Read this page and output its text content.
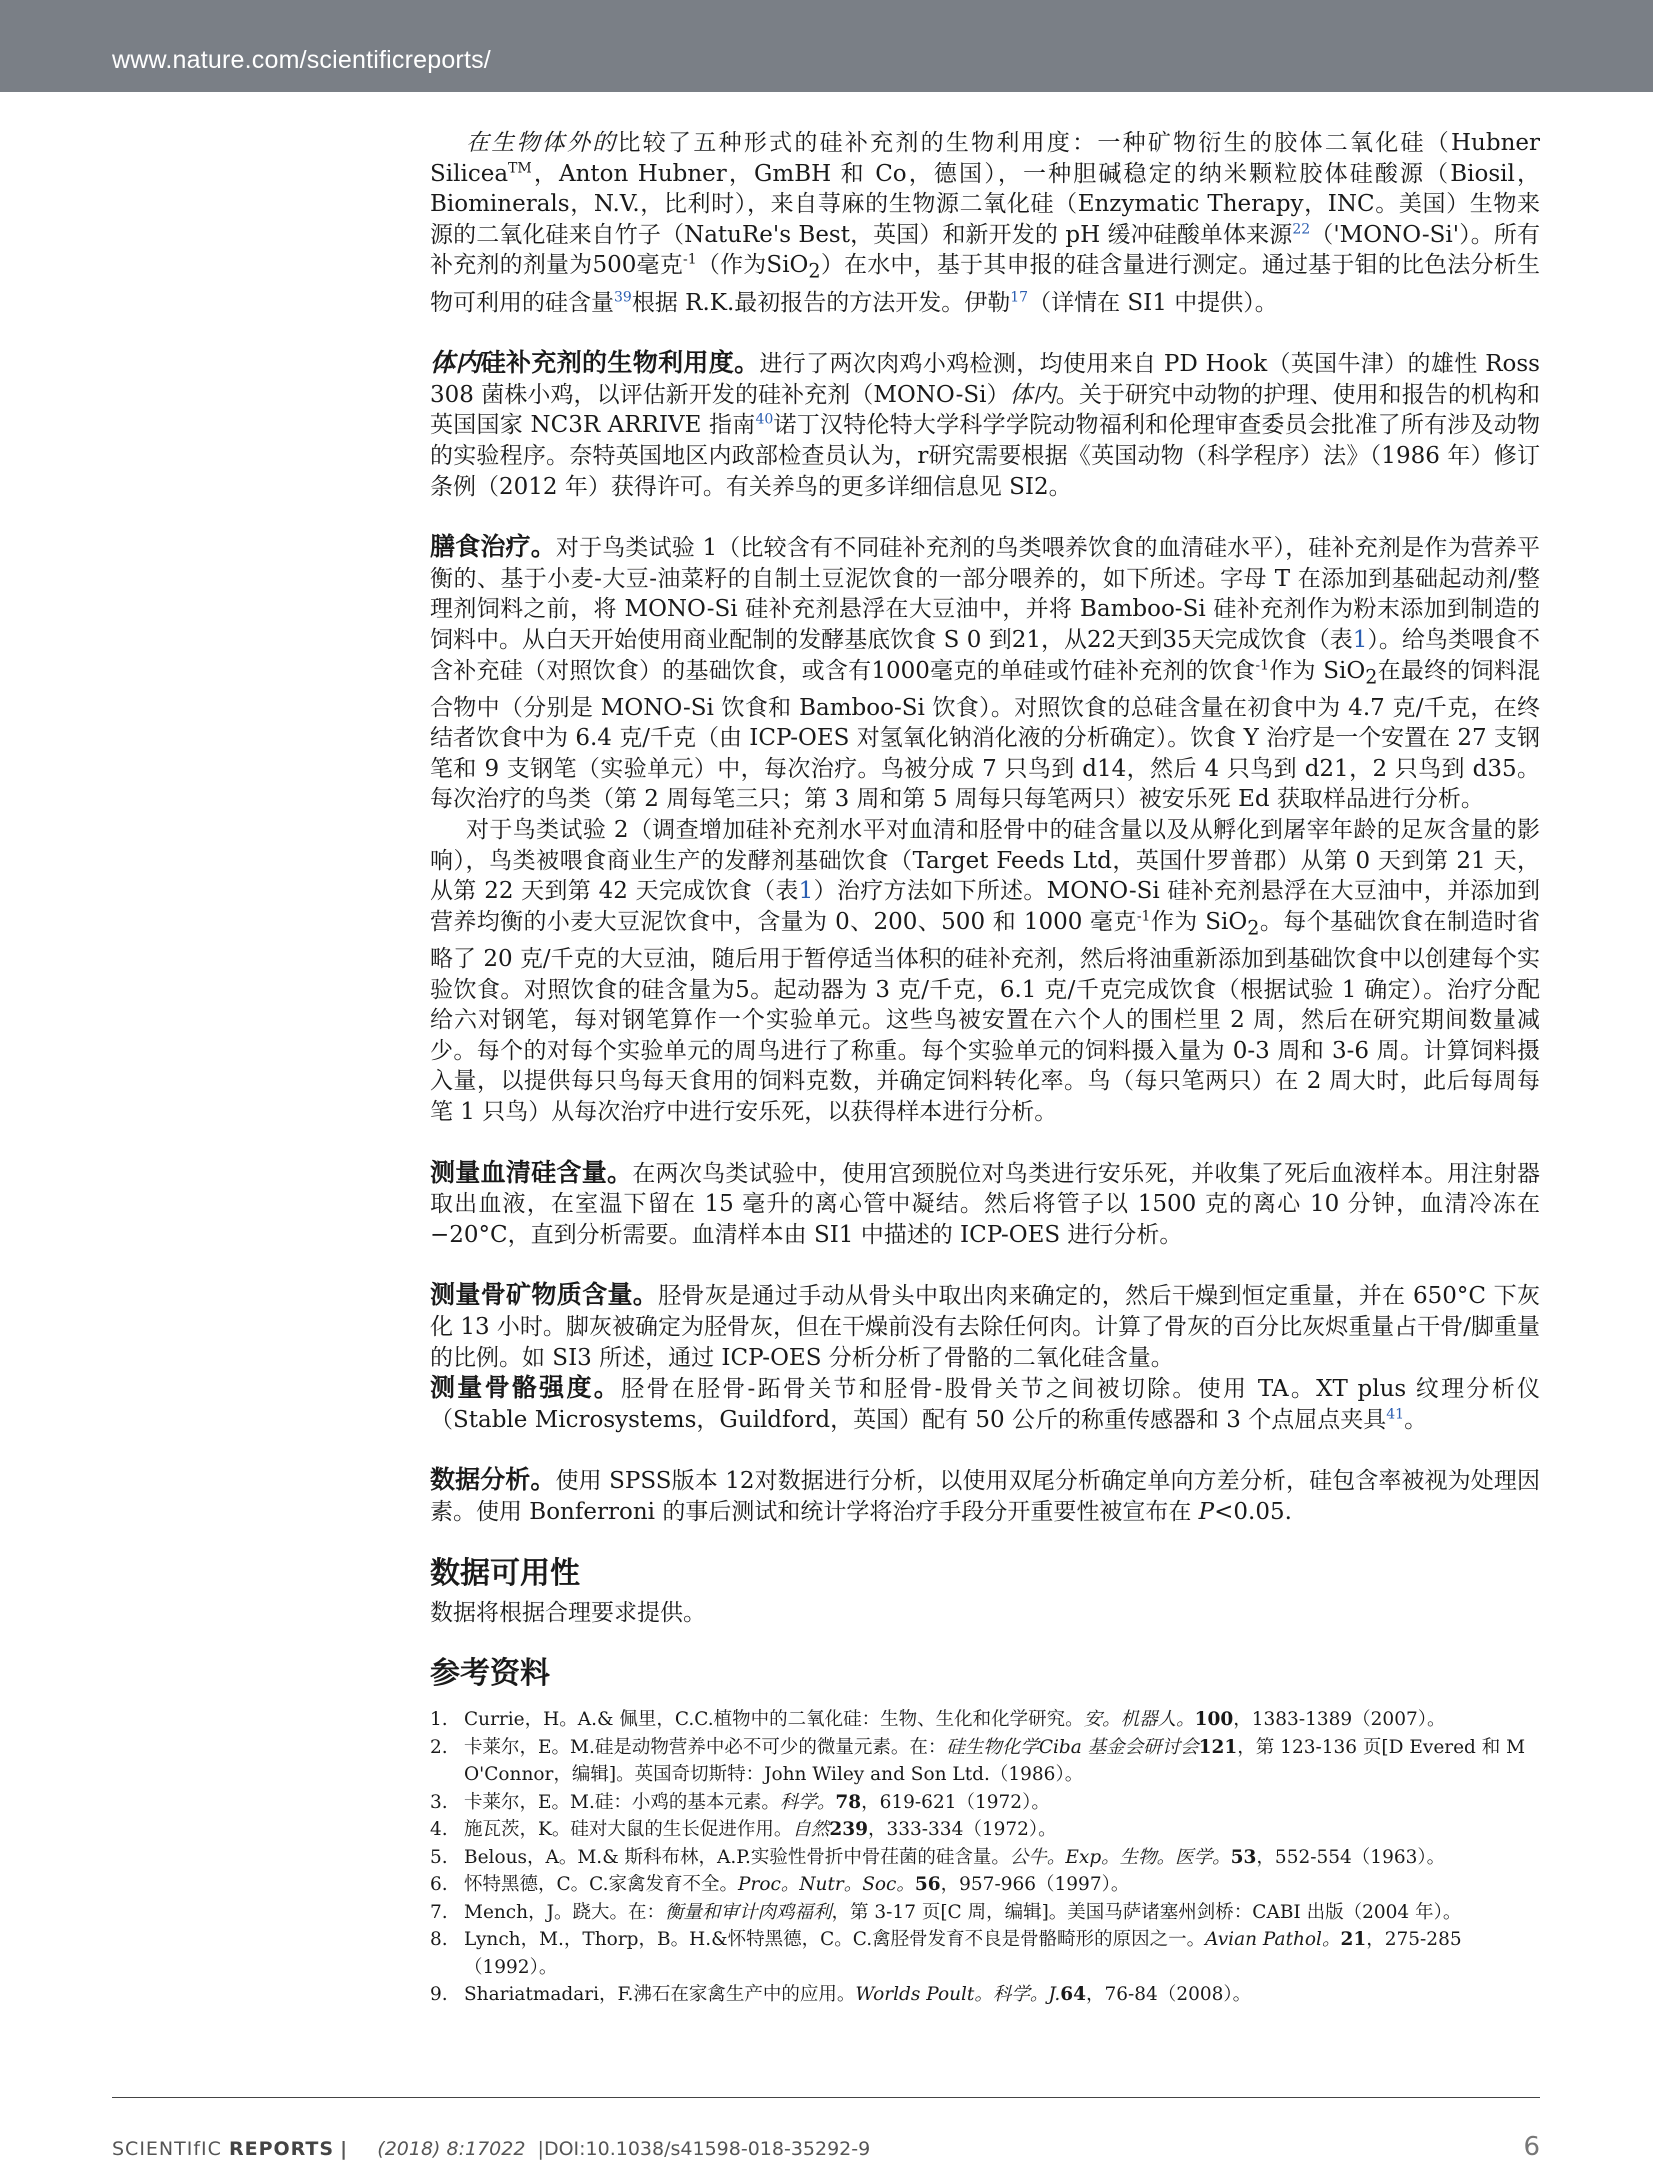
www.nature.com/scientificreports/

在生物体外的比较了五种形式的硅补充剂的生物利用度：一种矿物衍生的胶体二氧化硅（Hubner Silicea™，Anton Hubner，GmBH 和 Co，德国），一种胆碱稳定的纳米颗粒胶体硅酸源（Biosil，Biominerals，N.V.，比利时），来自荨麻的生物源二氧化硅（Enzymatic Therapy，INC。美国）生物来源的二氧化硅来自竹子（NatuRe's Best，英国）和新开发的 pH 缓冲硅酸单体来源$^{22}$（'MONO-Si'）。所有补充剂的剂量为500毫克$^{-1}$（作为SiO$_2$）在水中，基于其申报的硅含量进行测定。通过基于钼的比色法分析生物可利用的硅含量$^{39}$根据 R.K.最初报告的方法开发。伊勒$^{17}$（详情在 SI1 中提供）。

体内硅补充剂的生物利用度。进行了两次肉鸡小鸡检测，均使用来自 PD Hook（英国牛津）的雄性 Ross 308 菌株小鸡，以评估新开发的硅补充剂（MONO-Si）体内。关于研究中动物的护理、使用和报告的机构和英国国家 NC3R ARRIVE 指南$^{40}$诺丁汉特伦特大学科学学院动物福利和伦理审查委员会批准了所有涉及动物的实验程序。奈特英国地区内政部检查员认为，r研究需要根据《英国动物（科学程序）法》（1986 年）修订条例（2012 年）获得许可。有关养鸟的更多详细信息见 SI2。

膳食治疗。对于鸟类试验 1（比较含有不同硅补充剂的鸟类喂养饮食的血清硅水平），硅补充剂是作为营养平衡的、基于小麦-大豆-油菜籽的自制土豆泥饮食的一部分喂养的，如下所述。字母 T 在添加到基础起动剂/整理剂饲料之前，将 MONO-Si 硅补充剂悬浮在大豆油中，并将 Bamboo-Si 硅补充剂作为粉末添加到制造的饲料中。从白天开始使用商业配制的发酵基底饮食 S 0 到21，从22天到35天完成饮食（表1）。给鸟类喂食不含补充硅（对照饮食）的基础饮食，或含有1000毫克的单硅或竹硅补充剂的饮食$^{-1}$作为 SiO$_2$在最终的饲料混合物中（分别是 MONO-Si 饮食和 Bamboo-Si 饮食）。对照饮食的总硅含量在初食中为 4.7 克/千克，在终结者饮食中为 6.4 克/千克（由 ICP-OES 对氢氧化钠消化液的分析确定）。饮食 Y 治疗是一个安置在 27 支钢笔和 9 支钢笔（实验单元）中，每次治疗。鸟被分成 7 只鸟到 d14，然后 4 只鸟到 d21，2 只鸟到 d35。每次治疗的鸟类（第 2 周每笔三只；第 3 周和第 5 周每只每笔两只）被安乐死 Ed 获取样品进行分析。

对于鸟类试验 2（调查增加硅补充剂水平对血清和胫骨中的硅含量以及从孵化到屠宰年龄的足灰含量的影响），鸟类被喂食商业生产的发酵剂基础饮食（Target Feeds Ltd，英国什罗普郡）从第 0 天到第 21 天，从第 22 天到第 42 天完成饮食（表1）治疗方法如下所述。MONO-Si 硅补充剂悬浮在大豆油中，并添加到营养均衡的小麦大豆泥饮食中，含量为 0、200、500 和 1000 毫克$^{-1}$作为 SiO$_2$。每个基础饮食在制造时省略了 20 克/千克的大豆油，随后用于暂停适当体积的硅补充剂，然后将油重新添加到基础饮食中以创建每个实验饮食。对照饮食的硅含量为5。起动器为 3 克/千克，6.1 克/千克完成饮食（根据试验 1 确定）。治疗分配给六对钢笔，每对钢笔算作一个实验单元。这些鸟被安置在六个人的围栏里 2 周，然后在研究期间数量减少。每个的对每个实验单元的周鸟进行了称重。每个实验单元的饲料摄入量为 0-3 周和 3-6 周。计算饲料摄入量，以提供每只鸟每天食用的饲料克数，并确定饲料转化率。鸟（每只笔两只）在 2 周大时，此后每周每笔 1 只鸟）从每次治疗中进行安乐死，以获得样本进行分析。

测量血清硅含量。在两次鸟类试验中，使用宫颈脱位对鸟类进行安乐死，并收集了死后血液样本。用注射器取出血液，在室温下留在 15 毫升的离心管中凝结。然后将管子以 1500 克的离心 10 分钟，血清冷冻在−20°C，直到分析需要。血清样本由 SI1 中描述的 ICP-OES 进行分析。

测量骨矿物质含量。胫骨灰是通过手动从骨头中取出肉来确定的，然后干燥到恒定重量，并在 650°C 下灰化 13 小时。脚灰被确定为胫骨灰，但在干燥前没有去除任何肉。计算了骨灰的百分比灰烬重量占干骨/脚重量的比例。如 SI3 所述，通过 ICP-OES 分析分析了骨骼的二氧化硅含量。

测量骨骼强度。胫骨在胫骨-跖骨关节和胫骨-股骨关节之间被切除。使用 TA。XT plus 纹理分析仪（Stable Microsystems，Guildford，英国）配有 50 公斤的称重传感器和 3 个点屈点夹具$^{41}$。

数据分析。使用 SPSS版本 12对数据进行分析，以使用双尾分析确定单向方差分析，硅包含率被视为处理因素。使用 Bonferroni 的事后测试和统计学将治疗手段分开重要性被宣布在 P<0.05.

数据可用性

数据将根据合理要求提供。

参考资料
1. Currie，H。A.& 佩里，C.C.植物中的二氧化硅：生物、生化和化学研究。安。机器人。100，1383-1389（2007）。
2. 卡莱尔，E。M.硅是动物营养中必不可少的微量元素。在：硅生物化学Ciba 基金会研讨会121，第 123-136 页[D Evered 和 M O'Connor，编辑]。英国奇切斯特：John Wiley and Son Ltd.（1986）。
3. 卡莱尔，E。M.硅：小鸡的基本元素。科学。78，619-621（1972）。
4. 施瓦茨，K。硅对大鼠的生长促进作用。自然239，333-334（1972）。
5. Belous，A。M.& 斯科布林，A.P.实验性骨折中骨茌菌的硅含量。公牛。Exp。生物。医学。53，552-554（1963）。
6. 怀特黑德，C。C.家禽发育不全。Proc。Nutr。Soc。56，957-966（1997）。
7. Mench，J。跷大。在：衡量和审计肉鸡福利，第 3-17 页[C 周，编辑]。美国马萨诸塞州剑桥：CABI 出版（2004 年）。
8. Lynch，M.，Thorp，B。H.&怀特黑德，C。C.禽胫骨发育不良是骨骼畸形的原因之一。Avian Pathol。21，275-285（1992）。
9. Shariatmadari，F.沸石在家禽生产中的应用。Worlds Poult。科学。J.64，76-84（2008）。
SCIENTIfIC REPORTS | (2018) 8:17022 |DOI:10.1038/s41598-018-35292-9	6
